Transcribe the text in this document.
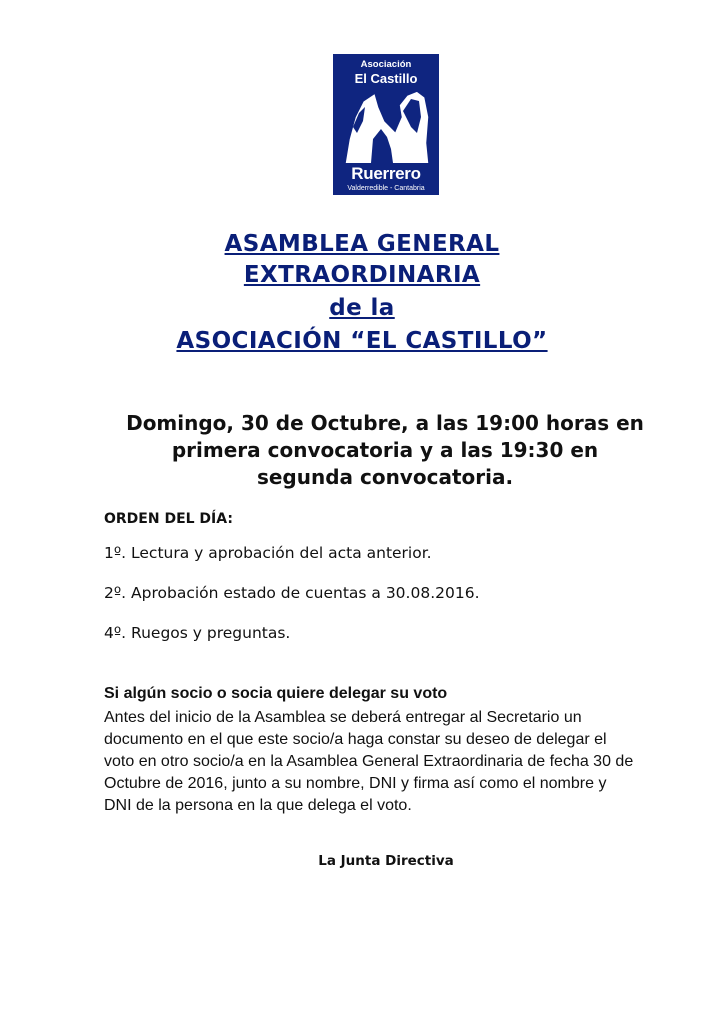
Asociación
El Castillo
Ruerrero
Valderredible - Cantabria
ASAMBLEA GENERAL
EXTRAORDINARIA
de la
ASOCIACIÓN “EL CASTILLO”
Domingo, 30 de Octubre, a las 19:00 horas en
primera convocatoria y a las 19:30 en
segunda convocatoria.
ORDEN DEL DÍA:
1º. Lectura y aprobación del acta anterior.
2º. Aprobación estado de cuentas a 30.08.2016.
4º. Ruegos y preguntas.
Si algún socio o socia quiere delegar su voto
Antes del inicio de la Asamblea se deberá entregar al Secretario un
documento en el que este socio/a haga constar su deseo de delegar el
voto en otro socio/a en la Asamblea General Extraordinaria de fecha 30 de
Octubre de 2016, junto a su nombre, DNI y firma así como el nombre y
DNI de la persona en la que delega el voto.
La Junta Directiva
